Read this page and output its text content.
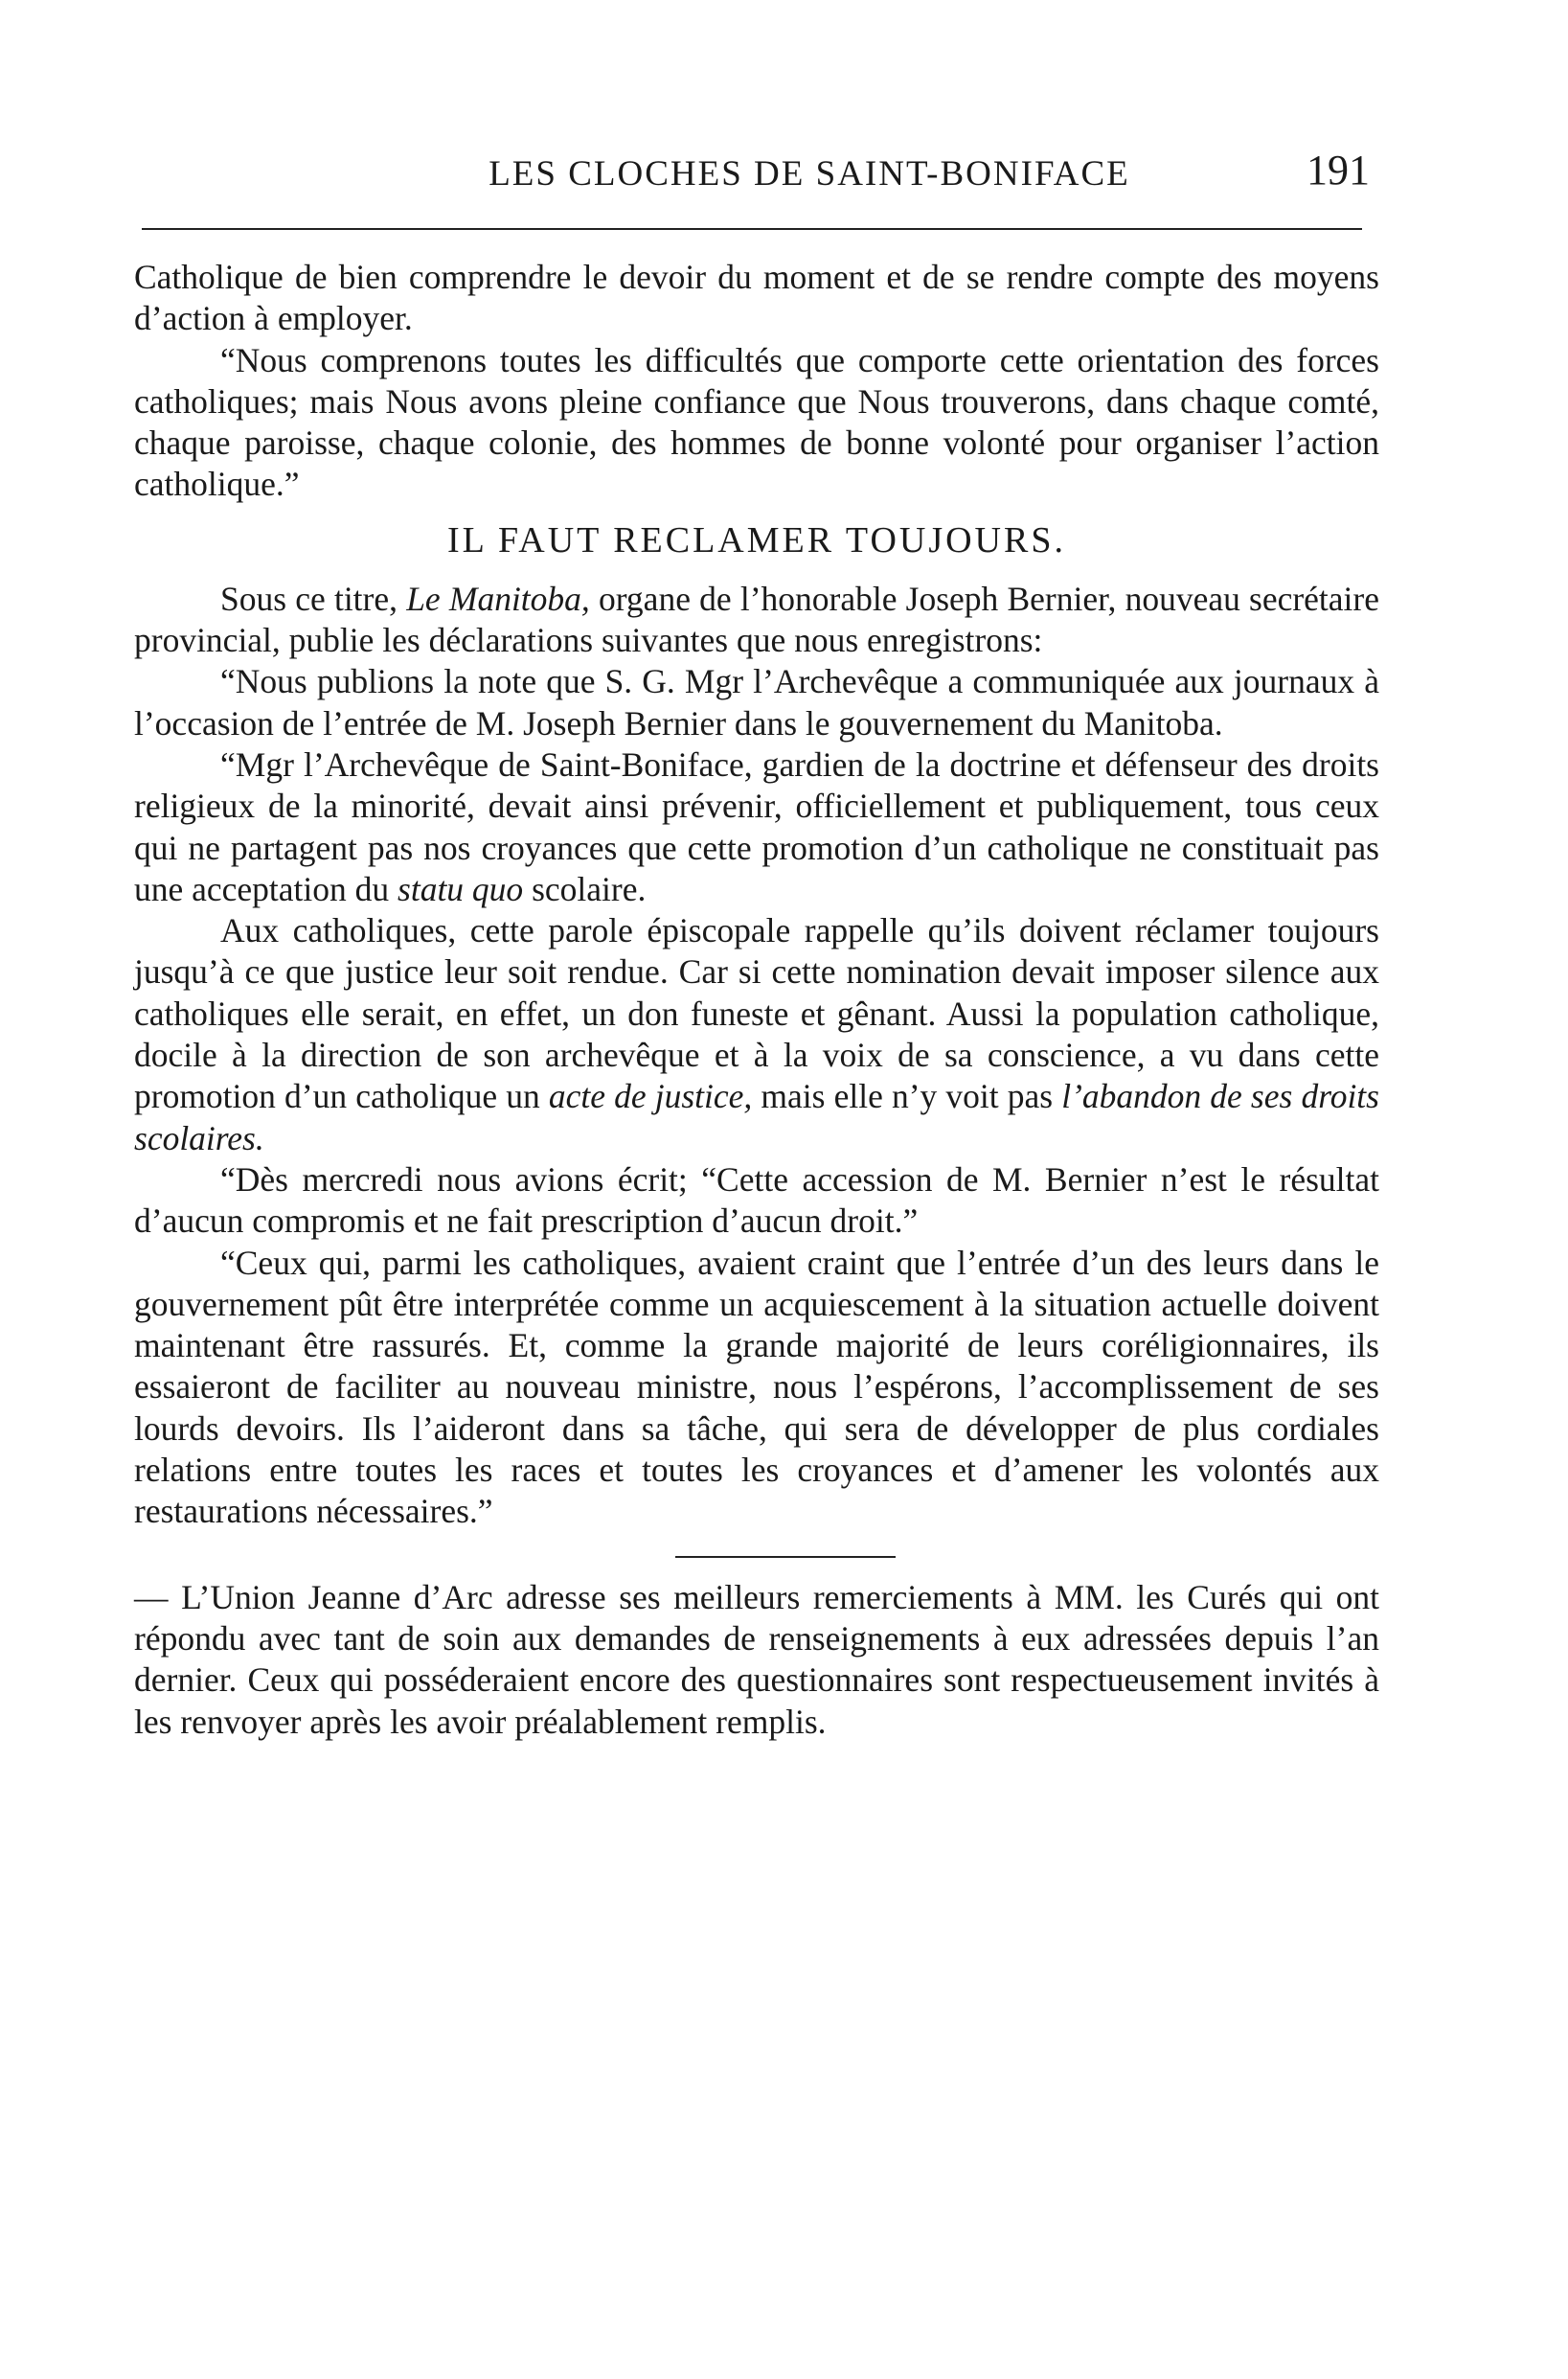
LES CLOCHES DE SAINT-BONIFACE	191

Catholique de bien comprendre le devoir du moment et de se rendre compte des moyens d’action à employer.

“Nous comprenons toutes les difficultés que comporte cette orientation des forces catholiques; mais Nous avons pleine confiance que Nous trouverons, dans chaque comté, chaque paroisse, chaque colonie, des hommes de bonne volonté pour organiser l’action catholique.”

IL FAUT RECLAMER TOUJOURS.

Sous ce titre, Le Manitoba, organe de l’honorable Joseph Bernier, nouveau secrétaire provincial, publie les déclarations suivantes que nous enregistrons:

“Nous publions la note que S. G. Mgr l’Archevêque a communiquée aux journaux à l’occasion de l’entrée de M. Joseph Bernier dans le gouvernement du Manitoba.

“Mgr l’Archevêque de Saint-Boniface, gardien de la doctrine et défenseur des droits religieux de la minorité, devait ainsi prévenir, officiellement et publiquement, tous ceux qui ne partagent pas nos croyances que cette promotion d’un catholique ne constituait pas une acceptation du statu quo scolaire.

Aux catholiques, cette parole épiscopale rappelle qu’ils doivent réclamer toujours jusqu’à ce que justice leur soit rendue. Car si cette nomination devait imposer silence aux catholiques elle serait, en effet, un don funeste et gênant. Aussi la population catholique, docile à la direction de son archevêque et à la voix de sa conscience, a vu dans cette promotion d’un catholique un acte de justice, mais elle n’y voit pas l’abandon de ses droits scolaires.

“Dès mercredi nous avions écrit; “Cette accession de M. Bernier n’est le résultat d’aucun compromis et ne fait prescription d’aucun droit.”

“Ceux qui, parmi les catholiques, avaient craint que l’entrée d’un des leurs dans le gouvernement pût être interprétée comme un acquiescement à la situation actuelle doivent maintenant être rassurés. Et, comme la grande majorité de leurs coréligionnaires, ils essaieront de faciliter au nouveau ministre, nous l’espérons, l’accomplissement de ses lourds devoirs. Ils l’aideront dans sa tâche, qui sera de développer de plus cordiales relations entre toutes les races et toutes les croyances et d’amener les volontés aux restaurations nécessaires.”

— L’Union Jeanne d’Arc adresse ses meilleurs remerciements à MM. les Curés qui ont répondu avec tant de soin aux demandes de renseignements à eux adressées depuis l’an dernier. Ceux qui posséderaient encore des questionnaires sont respectueusement invités à les renvoyer après les avoir préalablement remplis.
